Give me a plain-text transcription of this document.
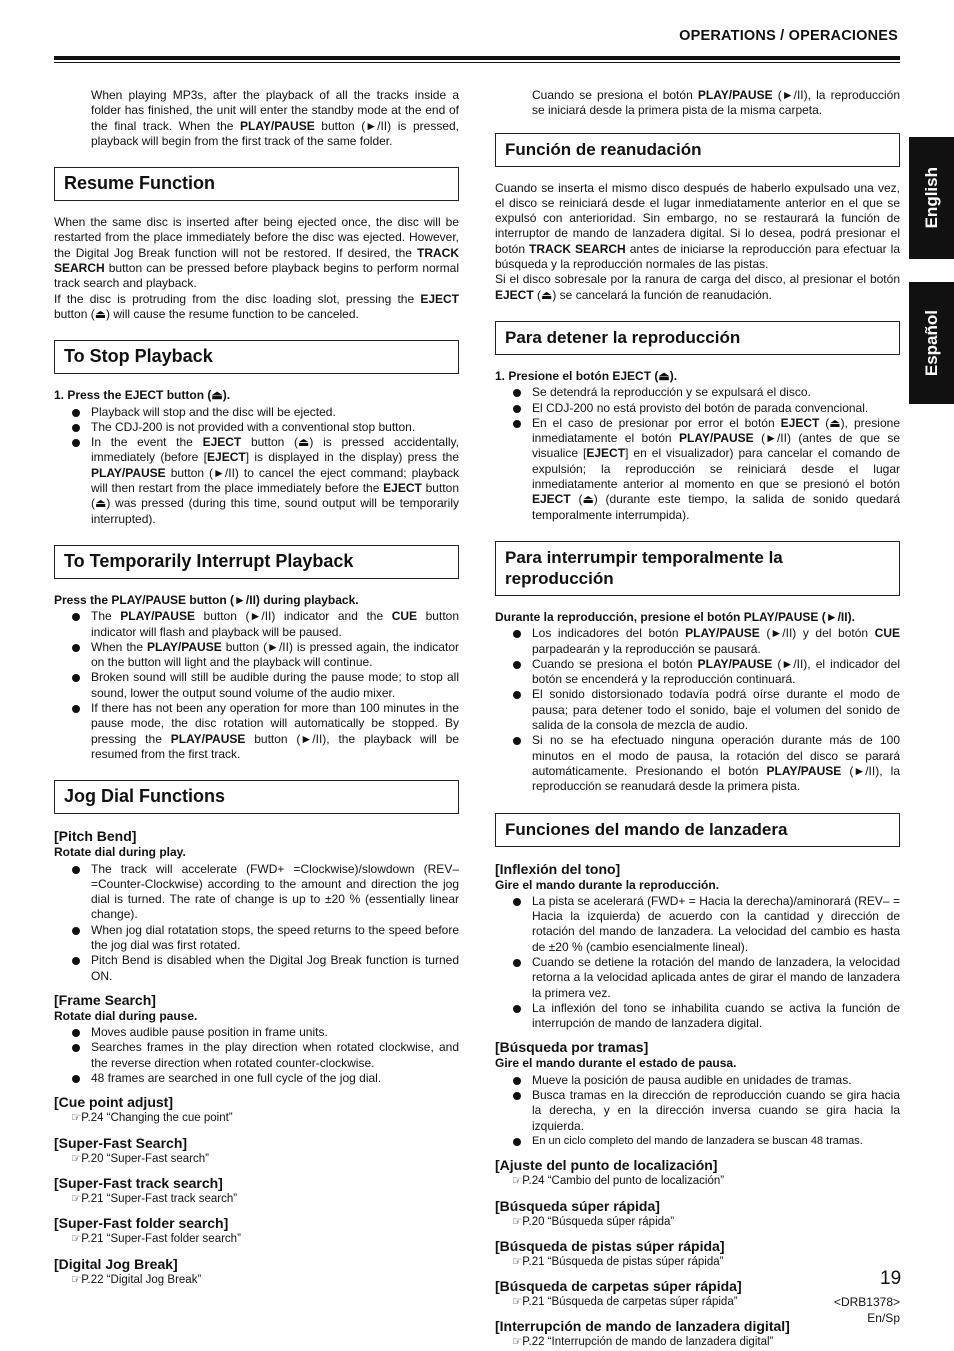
OPERATIONS / OPERACIONES
English
Español

When playing MP3s, after the playback of all the tracks inside a folder has finished, the unit will enter the standby mode at the end of the final track. When the PLAY/PAUSE button (►/II) is pressed, playback will begin from the first track of the same folder.

Resume Function

When the same disc is inserted after being ejected once, the disc will be restarted from the place immediately before the disc was ejected. However, the Digital Jog Break function will not be restored. If desired, the TRACK SEARCH button can be pressed before playback begins to perform normal track search and playback.

If the disc is protruding from the disc loading slot, pressing the EJECT button (⏏) will cause the resume function to be canceled.

To Stop Playback
1. Press the EJECT button (⏏).
Playback will stop and the disc will be ejected.
The CDJ-200 is not provided with a conventional stop button.
In the event the EJECT button (⏏) is pressed accidentally, immediately (before [EJECT] is displayed in the display) press the PLAY/PAUSE button (►/II) to cancel the eject command; playback will then restart from the place immediately before the EJECT button (⏏) was pressed (during this time, sound output will be temporarily interrupted).
To Temporarily Interrupt Playback
Press the PLAY/PAUSE button (►/II) during playback.
The PLAY/PAUSE button (►/II) indicator and the CUE button indicator will flash and playback will be paused.
When the PLAY/PAUSE button (►/II) is pressed again, the indicator on the button will light and the playback will continue.
Broken sound will still be audible during the pause mode; to stop all sound, lower the output sound volume of the audio mixer.
If there has not been any operation for more than 100 minutes in the pause mode, the disc rotation will automatically be stopped. By pressing the PLAY/PAUSE button (►/II), the playback will be resumed from the first track.
Jog Dial Functions
[Pitch Bend]
Rotate dial during play.
The track will accelerate (FWD+ =Clockwise)/slowdown (REV– =Counter-Clockwise) according to the amount and direction the jog dial is turned. The rate of change is up to ±20 % (essentially linear change).
When jog dial rotatation stops, the speed returns to the speed before the jog dial was first rotated.
Pitch Bend is disabled when the Digital Jog Break function is turned ON.
[Frame Search]
Rotate dial during pause.
Moves audible pause position in frame units.
Searches frames in the play direction when rotated clockwise, and the reverse direction when rotated counter-clockwise.
48 frames are searched in one full cycle of the jog dial.
[Cue point adjust]
☞P.24 “Changing the cue point”
[Super-Fast Search]
☞P.20 “Super-Fast search”
[Super-Fast track search]
☞P.21 “Super-Fast track search”
[Super-Fast folder search]
☞P.21 “Super-Fast folder search”
[Digital Jog Break]
☞P.22 “Digital Jog Break”

Cuando se presiona el botón PLAY/PAUSE (►/II), la reproducción se iniciará desde la primera pista de la misma carpeta.

Función de reanudación

Cuando se inserta el mismo disco después de haberlo expulsado una vez, el disco se reiniciará desde el lugar inmediatamente anterior en el que se expulsó con anterioridad. Sin embargo, no se restaurará la función de interruptor de mando de lanzadera digital. Si lo desea, podrá presionar el botón TRACK SEARCH antes de iniciarse la reproducción para efectuar la búsqueda y la reproducción normales de las pistas.

Si el disco sobresale por la ranura de carga del disco, al presionar el botón EJECT (⏏) se cancelará la función de reanudación.

Para detener la reproducción
1. Presione el botón EJECT (⏏).
Se detendrá la reproducción y se expulsará el disco.
El CDJ-200 no está provisto del botón de parada convencional.
En el caso de presionar por error el botón EJECT (⏏), presione inmediatamente el botón PLAY/PAUSE (►/II) (antes de que se visualice [EJECT] en el visualizador) para cancelar el comando de expulsión; la reproducción se reiniciará desde el lugar inmediatamente anterior al momento en que se presionó el botón EJECT (⏏) (durante este tiempo, la salida de sonido quedará temporalmente interrumpida).
Para interrumpir temporalmente la reproducción
Durante la reproducción, presione el botón PLAY/PAUSE (►/II).
Los indicadores del botón PLAY/PAUSE (►/II) y del botón CUE parpadearán y la reproducción se pausará.
Cuando se presiona el botón PLAY/PAUSE (►/II), el indicador del botón se encenderá y la reproducción continuará.
El sonido distorsionado todavía podrá oírse durante el modo de pausa; para detener todo el sonido, baje el volumen del sonido de salida de la consola de mezcla de audio.
Si no se ha efectuado ninguna operación durante más de 100 minutos en el modo de pausa, la rotación del disco se parará automáticamente. Presionando el botón PLAY/PAUSE (►/II), la reproducción se reanudará desde la primera pista.
Funciones del mando de lanzadera
[Inflexión del tono]
Gire el mando durante la reproducción.
La pista se acelerará (FWD+ = Hacia la derecha)/aminorará (REV– = Hacia la izquierda) de acuerdo con la cantidad y dirección de rotación del mando de lanzadera. La velocidad del cambio es hasta de ±20 % (cambio esencialmente lineal).
Cuando se detiene la rotación del mando de lanzadera, la velocidad retorna a la velocidad aplicada antes de girar el mando de lanzadera la primera vez.
La inflexión del tono se inhabilita cuando se activa la función de interrupción de mando de lanzadera digital.
[Búsqueda por tramas]
Gire el mando durante el estado de pausa.
Mueve la posición de pausa audible en unidades de tramas.
Busca tramas en la dirección de reproducción cuando se gira hacia la derecha, y en la dirección inversa cuando se gira hacia la izquierda.
En un ciclo completo del mando de lanzadera se buscan 48 tramas.
[Ajuste del punto de localización]
☞P.24 “Cambio del punto de localización”
[Búsqueda súper rápida]
☞P.20 “Búsqueda súper rápida”
[Búsqueda de pistas súper rápida]
☞P.21 “Búsqueda de pistas súper rápida”
[Búsqueda de carpetas súper rápida]
☞P.21 “Búsqueda de carpetas súper rápida”
[Interrupción de mando de lanzadera digital]
☞P.22 “Interrupción de mando de lanzadera digital”
19
<DRB1378>
En/Sp
